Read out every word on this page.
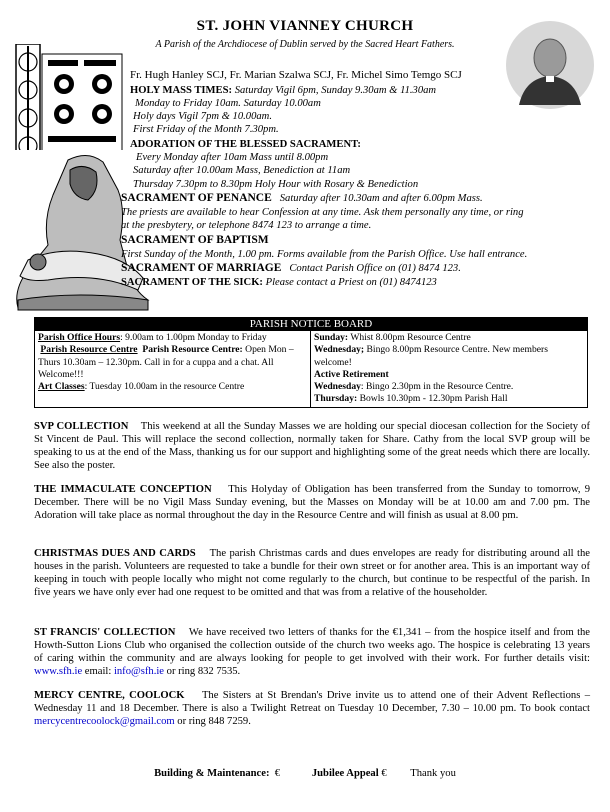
ST. JOHN VIANNEY CHURCH
A Parish of the Archdiocese of Dublin served by the Sacred Heart Fathers.
Fr. Hugh Hanley SCJ, Fr. Marian Szalwa SCJ, Fr. Michel Simo Temgo SCJ
HOLY MASS TIMES: Saturday Vigil 6pm, Sunday 9.30am & 11.30am
Monday to Friday 10am. Saturday 10.00am
Holy days Vigil 7pm & 10.00am.
First Friday of the Month 7.30pm.
ADORATION OF THE BLESSED SACRAMENT:
Every Monday after 10am Mass until 8.00pm
Saturday after 10.00am Mass, Benediction at 11am
Thursday 7.30pm to 8.30pm Holy Hour with Rosary & Benediction
SACRAMENT OF PENANCE Saturday after 10.30am and after 6.00pm Mass.
The priests are available to hear Confession at any time. Ask them personally any time, or ring
at the presbytery, or telephone 8474 123 to arrange a time.
SACRAMENT OF BAPTISM
First Sunday of the Month, 1.00 pm. Forms available from the Parish Office. Use hall entrance.
SACRAMENT OF MARRIAGE Contact Parish Office on (01) 8474 123.
SACRAMENT OF THE SICK: Please contact a Priest on (01) 8474123
PARISH NOTICE BOARD
Parish Office Hours: 9.00am to 1.00pm Monday to Friday
Parish Resource Centre Parish Resource Centre: Open Mon – Thurs 10.30am – 12.30pm. Call in for a cuppa and a chat. All Welcome!!!
Art Classes: Tuesday 10.00am in the resource Centre
Sunday: Whist 8.00pm Resource Centre
Wednesday; Bingo 8.00pm Resource Centre. New members welcome!
Active Retirement
Wednesday: Bingo 2.30pm in the Resource Centre.
Thursday: Bowls 10.30pm - 12.30pm Parish Hall
SVP COLLECTION This weekend at all the Sunday Masses we are holding our special diocesan collection for the Society of St Vincent de Paul. This will replace the second collection, normally taken for Share. Cathy from the local SVP group will be speaking to us at the end of the Mass, thanking us for our support and highlighting some of the great needs which there are locally. See also the poster.
THE IMMACULATE CONCEPTION This Holyday of Obligation has been transferred from the Sunday to tomorrow, 9 December. There will be no Vigil Mass Sunday evening, but the Masses on Monday will be at 10.00 am and 7.00 pm. The Adoration will take place as normal throughout the day in the Resource Centre and will finish as usual at 8.00 pm.
CHRISTMAS DUES AND CARDS The parish Christmas cards and dues envelopes are ready for distributing around all the houses in the parish. Volunteers are requested to take a bundle for their own street or for another area. This is an important way of keeping in touch with people locally who might not come regularly to the church, but continue to be respectful of the parish. In five years we have only ever had one request to be omitted and that was from a relative of the householder.
ST FRANCIS' COLLECTION We have received two letters of thanks for the €1,341 – from the hospice itself and from the Howth-Sutton Lions Club who organised the collection outside of the church two weeks ago. The hospice is celebrating 13 years of caring within the community and are always looking for people to get involved with their work. For further details visit: www.sfh.ie email: info@sfh.ie or ring 832 7535.
MERCY CENTRE, COOLOCK The Sisters at St Brendan's Drive invite us to attend one of their Advent Reflections – Wednesday 11 and 18 December. There is also a Twilight Retreat on Tuesday 10 December, 7.30 – 10.00 pm. To book contact mercycentrecoolock@gmail.com or ring 848 7259.
Building & Maintenance: €	Jubilee Appeal € Thank you
